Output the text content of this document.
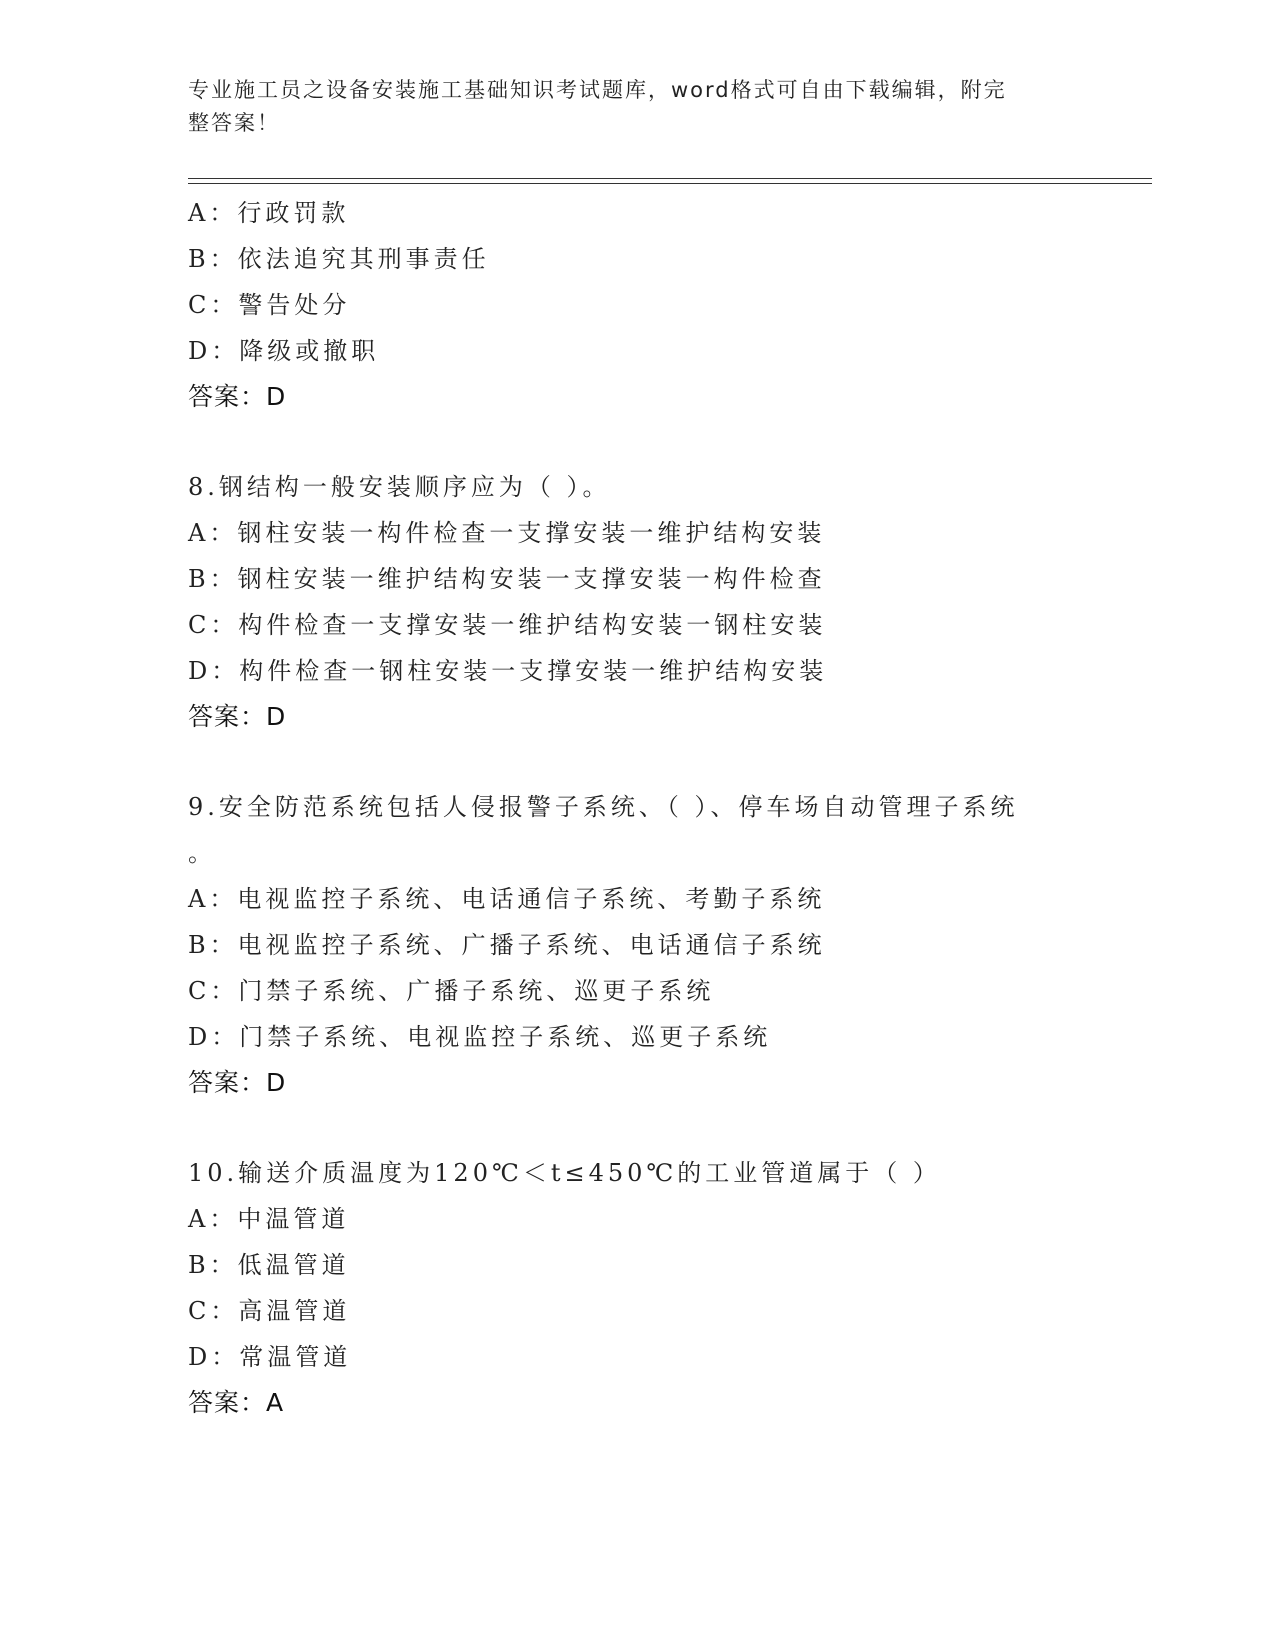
专业施工员之设备安装施工基础知识考试题库，word格式可自由下载编辑，附完
整答案！
A：行政罚款
B：依法追究其刑事责任
C：警告处分
D：降级或撤职
答案：D
8.钢结构一般安装顺序应为（ ）。
A：钢柱安装一构件检查一支撑安装一维护结构安装
B：钢柱安装一维护结构安装一支撑安装一构件检查
C：构件检查一支撑安装一维护结构安装一钢柱安装
D：构件检查一钢柱安装一支撑安装一维护结构安装
答案：D
9.安全防范系统包括人侵报警子系统、（ ）、停车场自动管理子系统
。
A：电视监控子系统、电话通信子系统、考勤子系统
B：电视监控子系统、广播子系统、电话通信子系统
C：门禁子系统、广播子系统、巡更子系统
D：门禁子系统、电视监控子系统、巡更子系统
答案：D
10.输送介质温度为120℃＜t≤450℃的工业管道属于（ ）
A：中温管道
B：低温管道
C：高温管道
D：常温管道
答案：A
